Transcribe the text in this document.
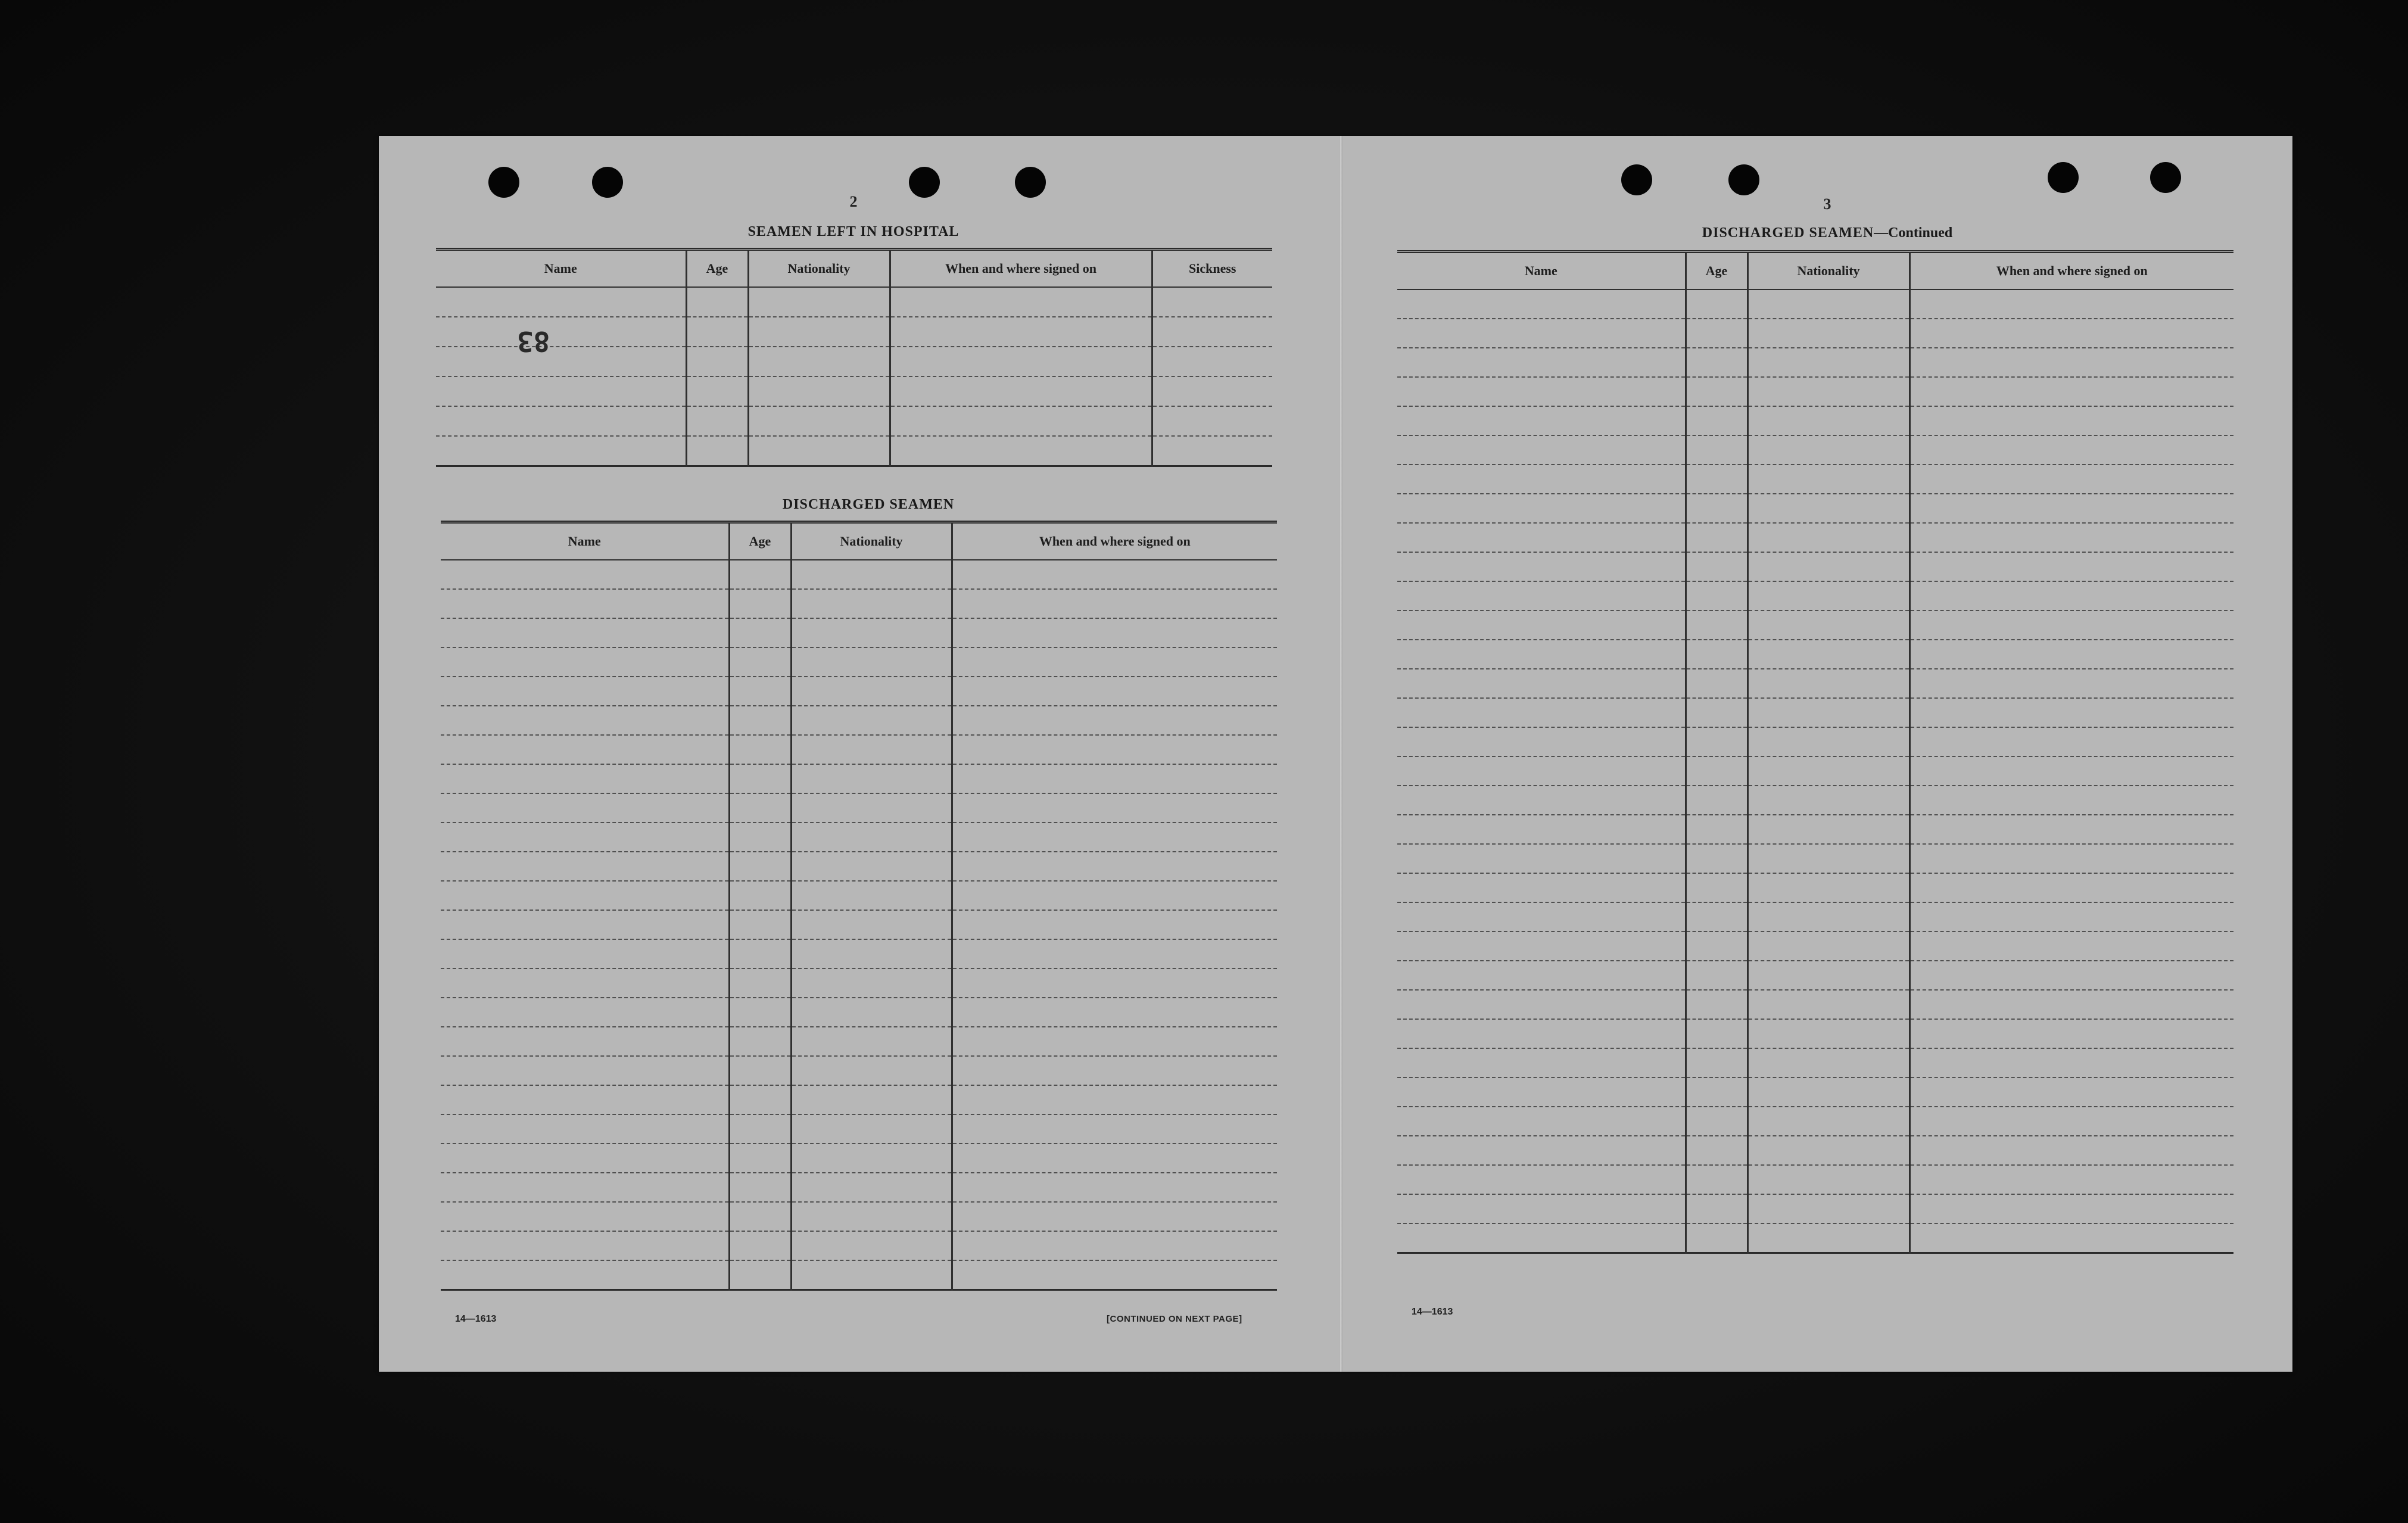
2
SEAMEN LEFT IN HOSPITAL
Name	Age	Nationality	When and where signed on	Sickness

83
DISCHARGED SEAMEN
Name	Age	Nationality	When and where signed on

14—1613	[CONTINUED ON NEXT PAGE]
3
DISCHARGED SEAMEN—Continued
Name	Age	Nationality	When and where signed on

14—1613
